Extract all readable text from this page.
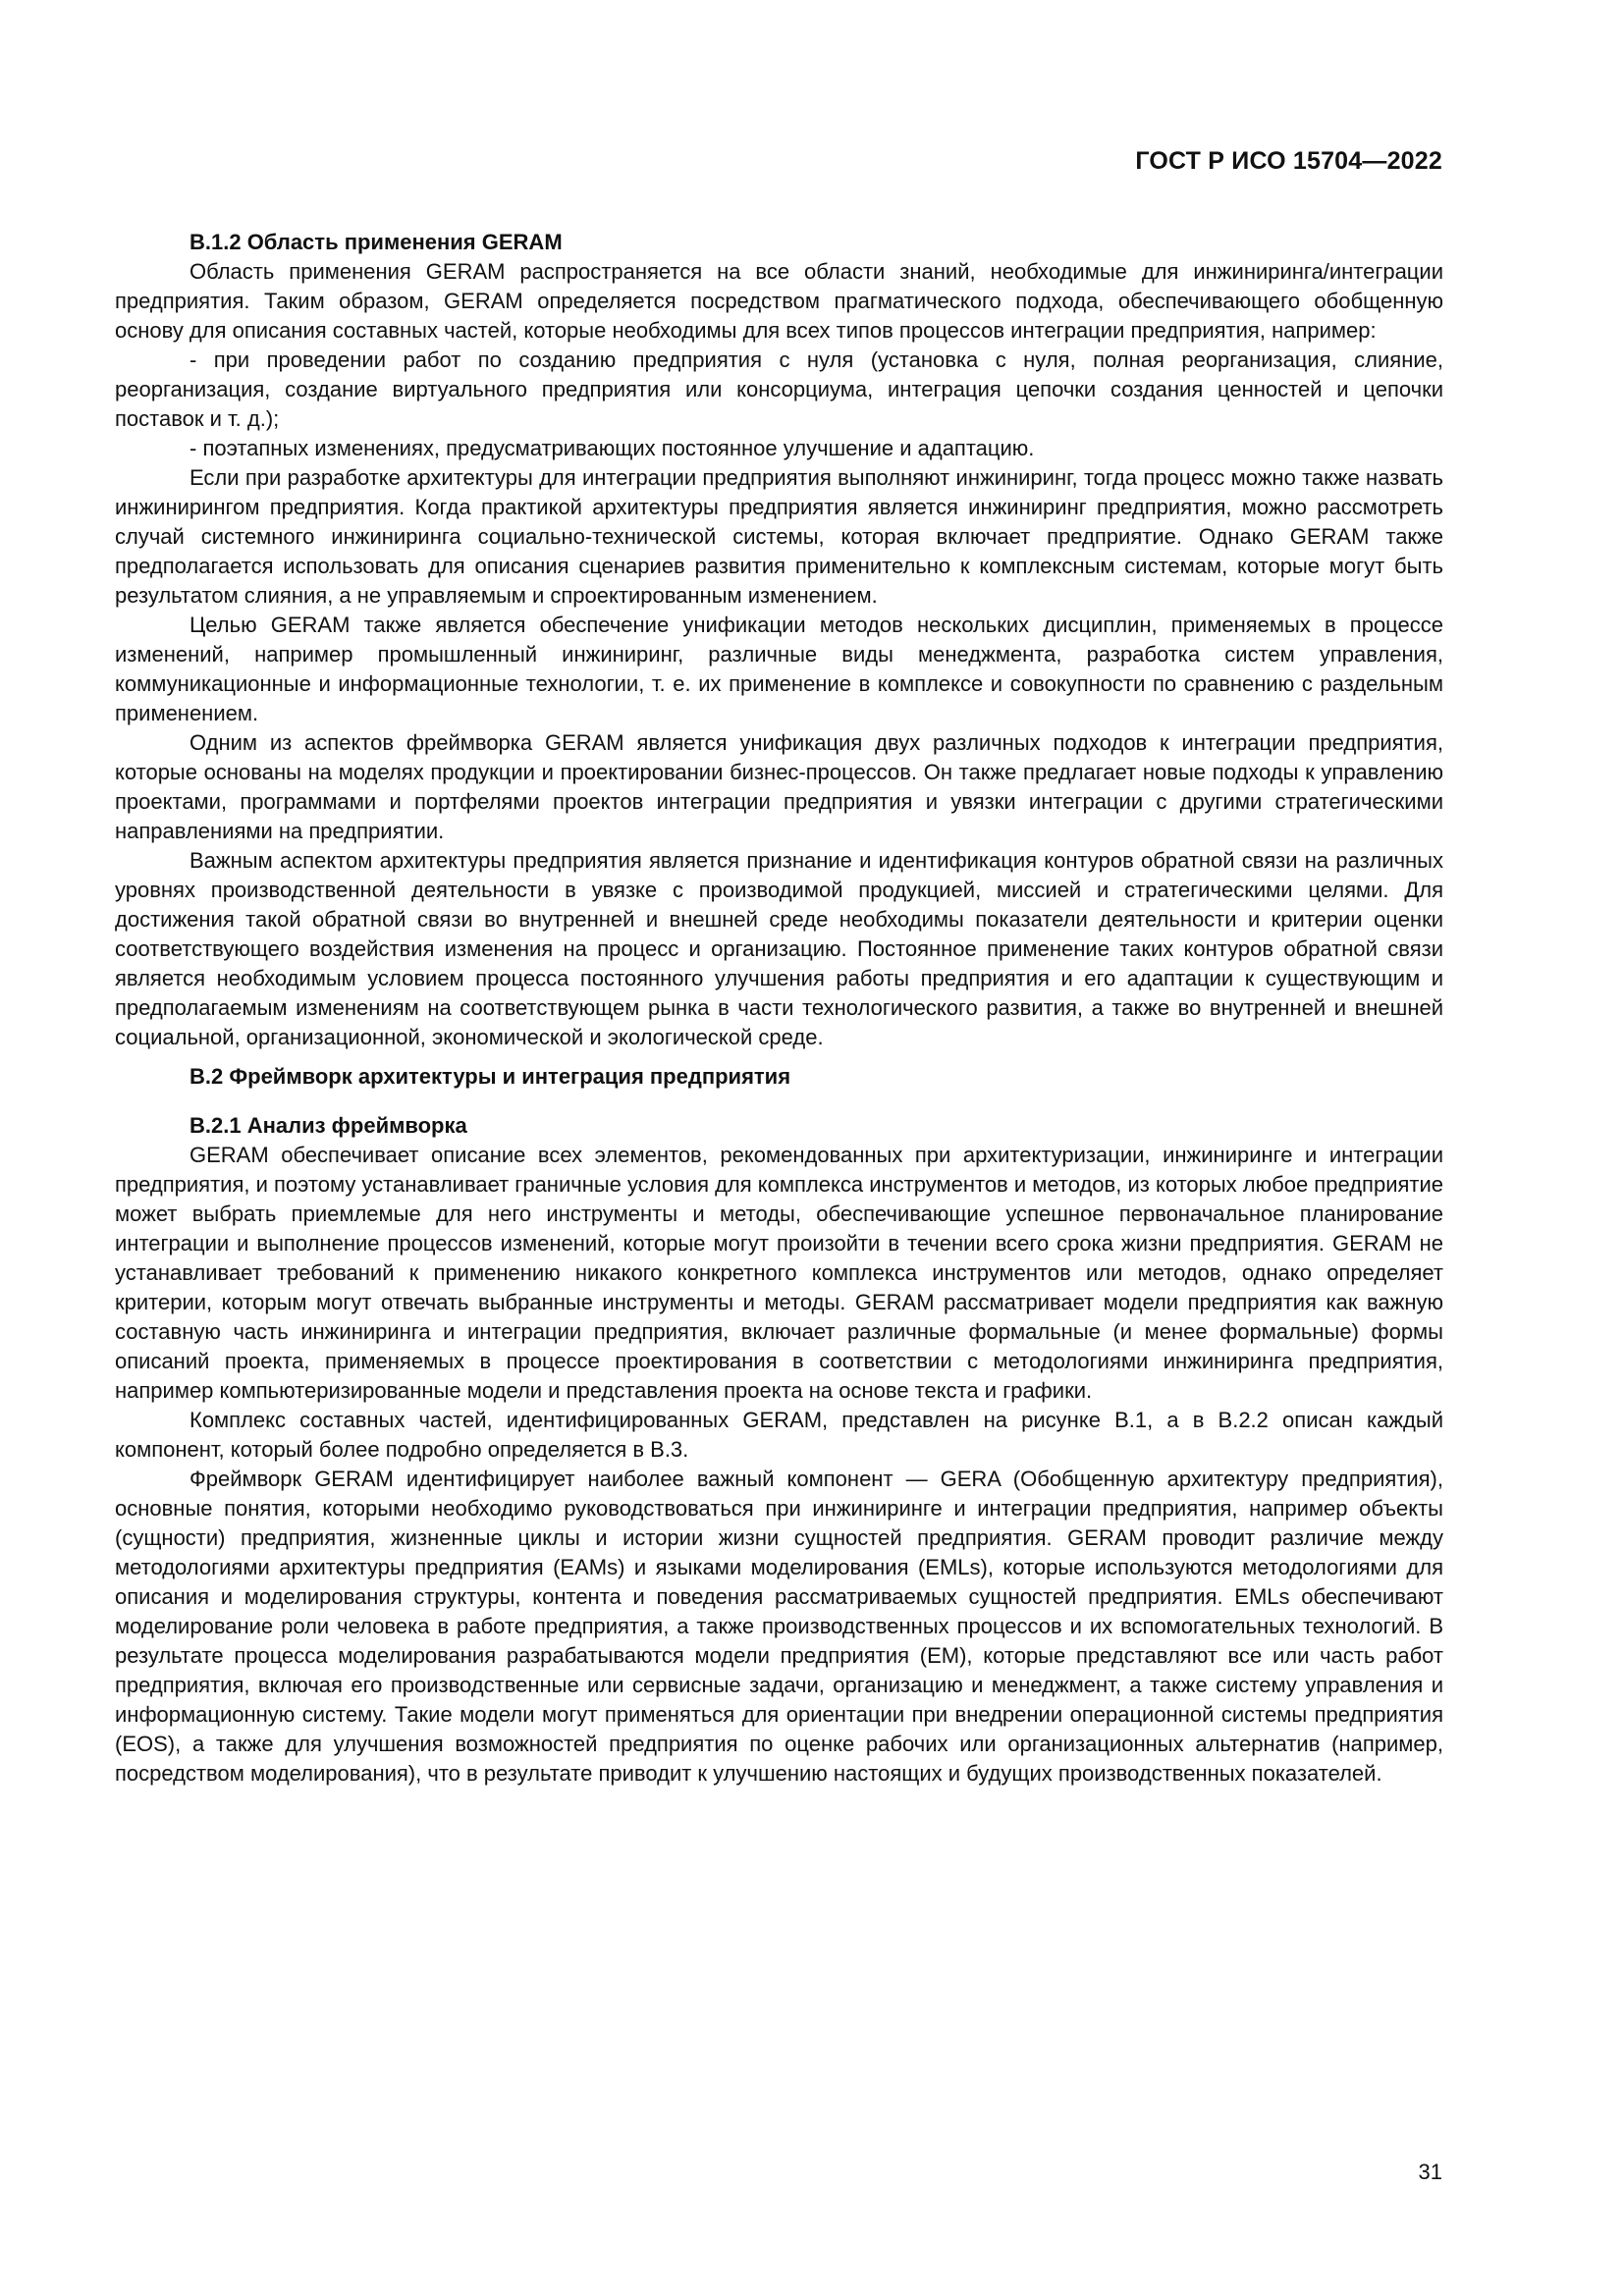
ГОСТ Р ИСО 15704—2022
B.1.2 Область применения GERAM

Область применения GERAM распространяется на все области знаний, необходимые для инжиниринга/интеграции предприятия. Таким образом, GERAM определяется посредством прагматического подхода, обеспечивающего обобщенную основу для описания составных частей, которые необходимы для всех типов процессов интеграции предприятия, например:

- при проведении работ по созданию предприятия с нуля (установка с нуля, полная реорганизация, слияние, реорганизация, создание виртуального предприятия или консорциума, интеграция цепочки создания ценностей и цепочки поставок и т. д.);

- поэтапных изменениях, предусматривающих постоянное улучшение и адаптацию.

Если при разработке архитектуры для интеграции предприятия выполняют инжиниринг, тогда процесс можно также назвать инжинирингом предприятия. Когда практикой архитектуры предприятия является инжиниринг предприятия, можно рассмотреть случай системного инжиниринга социально-технической системы, которая включает предприятие. Однако GERAM также предполагается использовать для описания сценариев развития применительно к комплексным системам, которые могут быть результатом слияния, а не управляемым и спроектированным изменением.

Целью GERAM также является обеспечение унификации методов нескольких дисциплин, применяемых в процессе изменений, например промышленный инжиниринг, различные виды менеджмента, разработка систем управления, коммуникационные и информационные технологии, т. е. их применение в комплексе и совокупности по сравнению с раздельным применением.

Одним из аспектов фреймворка GERAM является унификация двух различных подходов к интеграции предприятия, которые основаны на моделях продукции и проектировании бизнес-процессов. Он также предлагает новые подходы к управлению проектами, программами и портфелями проектов интеграции предприятия и увязки интеграции с другими стратегическими направлениями на предприятии.

Важным аспектом архитектуры предприятия является признание и идентификация контуров обратной связи на различных уровнях производственной деятельности в увязке с производимой продукцией, миссией и стратегическими целями. Для достижения такой обратной связи во внутренней и внешней среде необходимы показатели деятельности и критерии оценки соответствующего воздействия изменения на процесс и организацию. Постоянное применение таких контуров обратной связи является необходимым условием процесса постоянного улучшения работы предприятия и его адаптации к существующим и предполагаемым изменениям на соответствующем рынка в части технологического развития, а также во внутренней и внешней социальной, организационной, экономической и экологической среде.

B.2 Фреймворк архитектуры и интеграция предприятия
B.2.1 Анализ фреймворка

GERAM обеспечивает описание всех элементов, рекомендованных при архитектуризации, инжиниринге и интеграции предприятия, и поэтому устанавливает граничные условия для комплекса инструментов и методов, из которых любое предприятие может выбрать приемлемые для него инструменты и методы, обеспечивающие успешное первоначальное планирование интеграции и выполнение процессов изменений, которые могут произойти в течении всего срока жизни предприятия. GERAM не устанавливает требований к применению никакого конкретного комплекса инструментов или методов, однако определяет критерии, которым могут отвечать выбранные инструменты и методы. GERAM рассматривает модели предприятия как важную составную часть инжиниринга и интеграции предприятия, включает различные формальные (и менее формальные) формы описаний проекта, применяемых в процессе проектирования в соответствии с методологиями инжиниринга предприятия, например компьютеризированные модели и представления проекта на основе текста и графики.

Комплекс составных частей, идентифицированных GERAM, представлен на рисунке B.1, а в B.2.2 описан каждый компонент, который более подробно определяется в B.3.

Фреймворк GERAM идентифицирует наиболее важный компонент — GERA (Обобщенную архитектуру предприятия), основные понятия, которыми необходимо руководствоваться при инжиниринге и интеграции предприятия, например объекты (сущности) предприятия, жизненные циклы и истории жизни сущностей предприятия. GERAM проводит различие между методологиями архитектуры предприятия (EAMs) и языками моделирования (EMLs), которые используются методологиями для описания и моделирования структуры, контента и поведения рассматриваемых сущностей предприятия. EMLs обеспечивают моделирование роли человека в работе предприятия, а также производственных процессов и их вспомогательных технологий. В результате процесса моделирования разрабатываются модели предприятия (EM), которые представляют все или часть работ предприятия, включая его производственные или сервисные задачи, организацию и менеджмент, а также систему управления и информационную систему. Такие модели могут применяться для ориентации при внедрении операционной системы предприятия (EOS), а также для улучшения возможностей предприятия по оценке рабочих или организационных альтернатив (например, посредством моделирования), что в результате приводит к улучшению настоящих и будущих производственных показателей.

31
